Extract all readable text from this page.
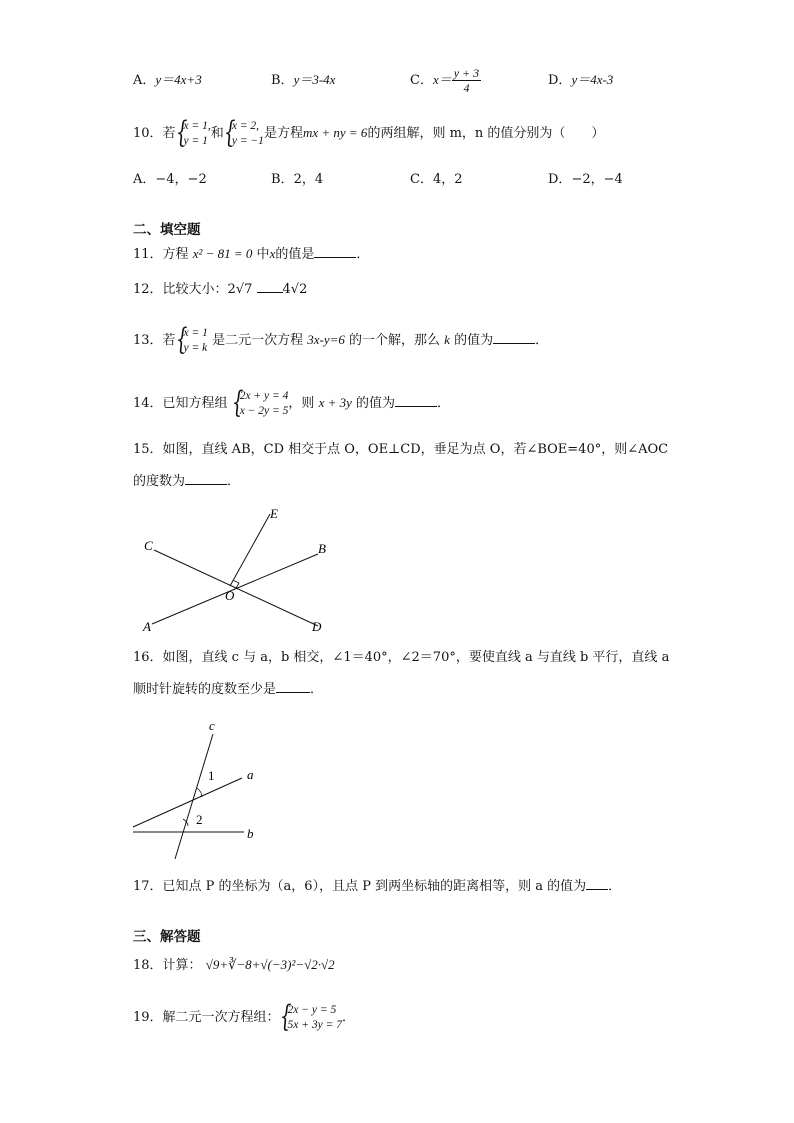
A．y＝4x+3	B．y＝3-4x	C．$x= \frac{y + 3}{4}$	D．y＝4x-3
10．若 {
x = 1,
y = 1 和 {
x = 2,
y = −1 是方程mx + ny = 6的两组解，则 m，n 的值分别为（　　）
A．−4，−2	B．2，4	C．4，2	D．−2，−4
二、填空题
11．方程 x² − 81 = 0 中x的值是	．
12．比较大小：2√7 4√2
13．若 {
x = 1
y = k 是二元一次方程 3x-y=6 的一个解，那么 k 的值为	．
14．已知方程组 {
2x + y = 4
x − 2y = 5 ，则 x + 3y 的值为	．
15．如图，直线 AB，CD 相交于点 O，OE⊥CD，垂足为点 O，若∠BOE=40°，则∠AOC
的度数为	．
C
E
B
O
A	D
16．如图，直线 c 与 a，b 相交，∠1＝40°，∠2＝70°，要使直线 a 与直线 b 平行，直线 a
顺时针旋转的度数至少是	．
c
1	a
2
b
17．已知点 P 的坐标为（a，6），且点 P 到两坐标轴的距离相等，则 a 的值为 ．
三、解答题
18．计算： √9+∛−8+√(−3)²−√2·√2
19．解二元一次方程组： {
2x − y = 5
5x + 3y = 7 ．
